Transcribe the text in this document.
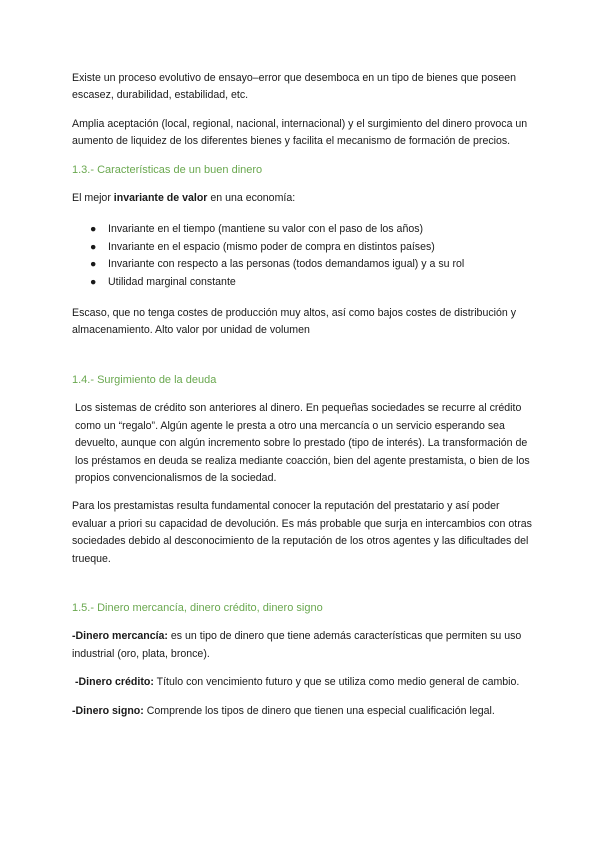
Existe un proceso evolutivo de ensayo–error que desemboca en un tipo de bienes que poseen escasez, durabilidad, estabilidad, etc.

Amplia aceptación (local, regional, nacional, internacional) y el surgimiento del dinero provoca un aumento de liquidez de los diferentes bienes y facilita el mecanismo de formación de precios.

1.3.- Características de un buen dinero

El mejor invariante de valor en una economía:

● Invariante en el tiempo (mantiene su valor con el paso de los años)
● Invariante en el espacio (mismo poder de compra en distintos países)
● Invariante con respecto a las personas (todos demandamos igual) y a su rol
● Utilidad marginal constante

Escaso, que no tenga costes de producción muy altos, así como bajos costes de distribución y almacenamiento. Alto valor por unidad de volumen

1.4.- Surgimiento de la deuda

Los sistemas de crédito son anteriores al dinero. En pequeñas sociedades se recurre al crédito como un “regalo”. Algún agente le presta a otro una mercancía o un servicio esperando sea devuelto, aunque con algún incremento sobre lo prestado (tipo de interés). La transformación de los préstamos en deuda se realiza mediante coacción, bien del agente prestamista, o bien de los propios convencionalismos de la sociedad.

Para los prestamistas resulta fundamental conocer la reputación del prestatario y así poder evaluar a priori su capacidad de devolución. Es más probable que surja en intercambios con otras sociedades debido al desconocimiento de la reputación de los otros agentes y las dificultades del trueque.

1.5.- Dinero mercancía, dinero crédito, dinero signo

-Dinero mercancía: es un tipo de dinero que tiene además características que permiten su uso industrial (oro, plata, bronce).

-Dinero crédito: Título con vencimiento futuro y que se utiliza como medio general de cambio.

-Dinero signo: Comprende los tipos de dinero que tienen una especial cualificación legal.
